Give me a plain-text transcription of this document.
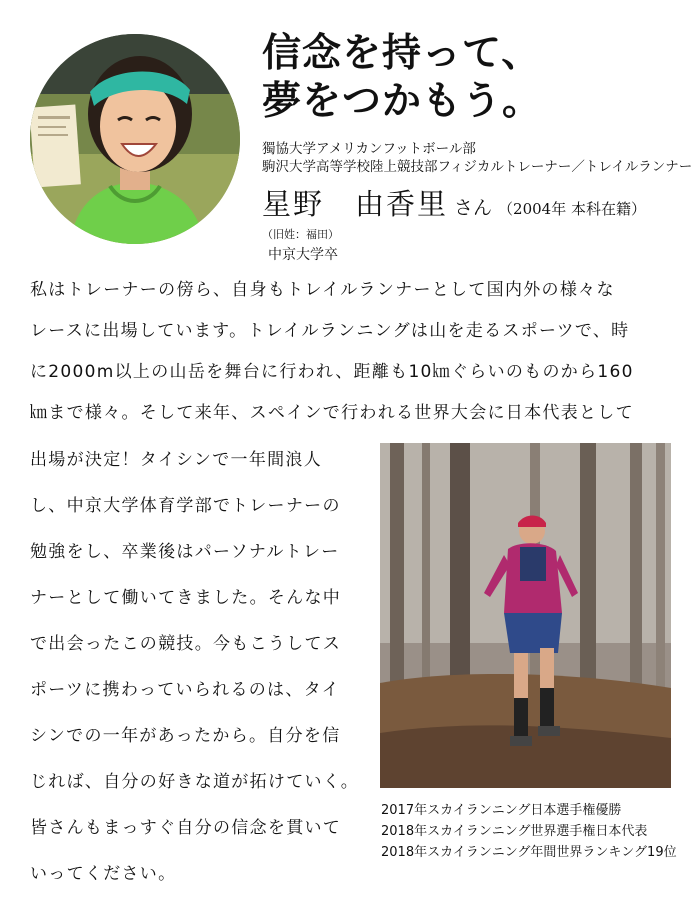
信念を持って、
夢をつかもう。
獨協大学アメリカンフットボール部
駒沢大学高等学校陸上競技部フィジカルトレーナー／トレイルランナー
星野　由香里 さん （2004年 本科在籍）
（旧姓：福田）
中京大学卒
私はトレーナーの傍ら、自身もトレイルランナーとして国内外の様々な
レースに出場しています。トレイルランニングは山を走るスポーツで、時
に2000m以上の山岳を舞台に行われ、距離も10㎞ぐらいのものから160
㎞まで様々。そして来年、スペインで行われる世界大会に日本代表として
出場が決定！タイシンで一年間浪人
し、中京大学体育学部でトレーナーの
勉強をし、卒業後はパーソナルトレー
ナーとして働いてきました。そんな中
で出会ったこの競技。今もこうしてス
ポーツに携わっていられるのは、タイ
シンでの一年があったから。自分を信
じれば、自分の好きな道が拓けていく。
皆さんもまっすぐ自分の信念を貫いて
いってください。
2017年スカイランニング日本選手権優勝
2018年スカイランニング世界選手権日本代表
2018年スカイランニング年間世界ランキング19位
